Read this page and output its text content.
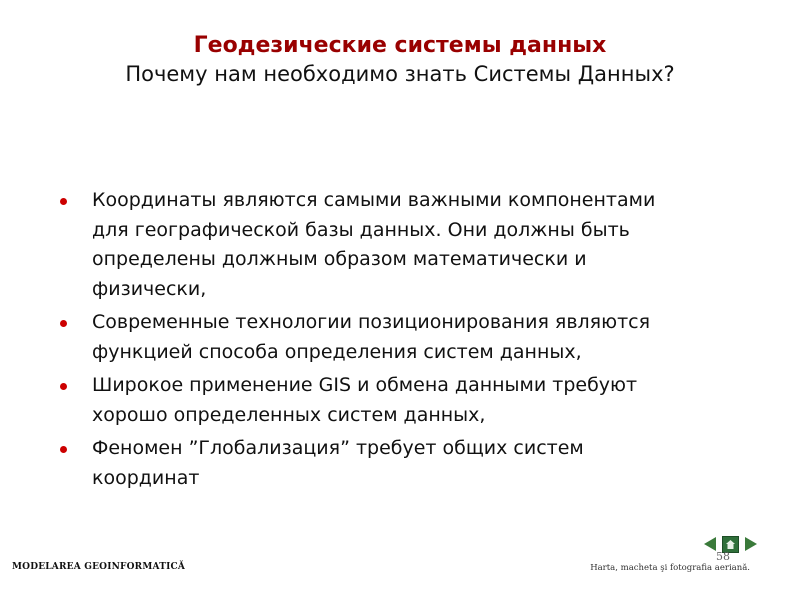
Геодезические системы данных
Почему нам необходимо знать Системы Данных?
Координаты являются самыми важными компонентами для географической базы данных. Они должны быть определены должным образом математически и физически,
Современные технологии позиционирования являются функцией способа определения систем данных,
Широкое применение GIS и обмена данными требуют хорошо определенных систем данных,
Феномен ”Глобализация” требует общих систем координат
58
MODELAREA GEOINFORMATICĂ	Harta, macheta şi fotografia aeriană.
